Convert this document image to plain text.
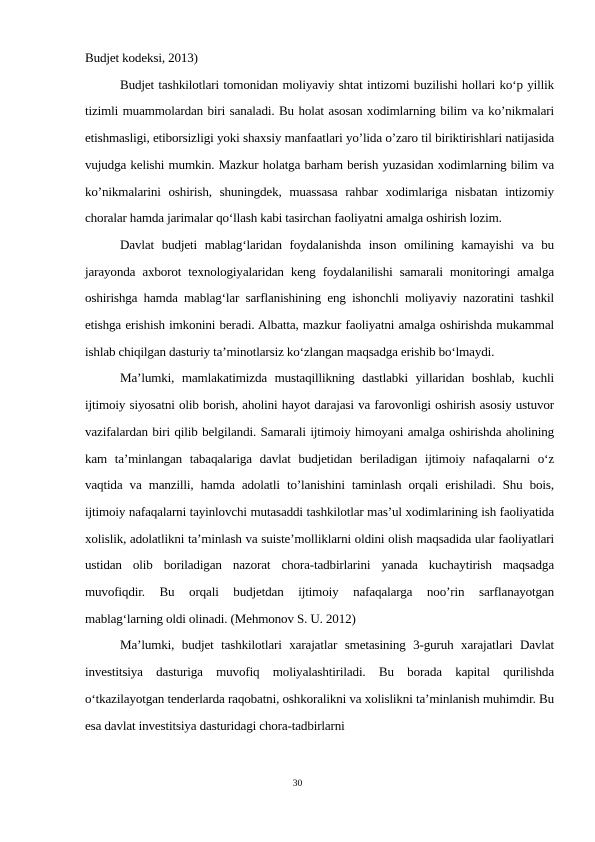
Budjet kodeksi, 2013)

Budjet tashkilotlari tomonidan moliyaviy shtat intizomi buzilishi hollari ko‘p yillik tizimli muammolardan biri sanaladi. Bu holat asosan xodimlarning bilim va ko’nikmalari etishmasligi, etiborsizligi yoki shaxsiy manfaatlari yo’lida o’zaro til biriktirishlari natijasida vujudga kelishi mumkin. Mazkur holatga barham berish yuzasidan xodimlarning bilim va ko’nikmalarini oshirish, shuningdek, muassasa rahbar xodimlariga nisbatan intizomiy choralar hamda jarimalar qo‘llash kabi tasirchan faoliyatni amalga oshirish lozim.

Davlat budjeti mablag‘laridan foydalanishda inson omilining kamayishi va bu jarayonda axborot texnologiyalaridan keng foydalanilishi samarali monitoringi amalga oshirishga hamda mablag‘lar sarflanishining eng ishonchli moliyaviy nazoratini tashkil etishga erishish imkonini beradi. Albatta, mazkur faoliyatni amalga oshirishda mukammal ishlab chiqilgan dasturiy ta’minotlarsiz ko‘zlangan maqsadga erishib bo‘lmaydi.

Ma’lumki, mamlakatimizda mustaqillikning dastlabki yillaridan boshlab, kuchli ijtimoiy siyosatni olib borish, aholini hayot darajasi va farovonligi oshirish asosiy ustuvor vazifalardan biri qilib belgilandi. Samarali ijtimoiy himoyani amalga oshirishda aholining kam ta’minlangan tabaqalariga davlat budjetidan beriladigan ijtimoiy nafaqalarni o‘z vaqtida va manzilli, hamda adolatli to’lanishini taminlash orqali erishiladi. Shu bois, ijtimoiy nafaqalarni tayinlovchi mutasaddi tashkilotlar mas’ul xodimlarining ish faoliyatida xolislik, adolatlikni ta’minlash va suiste’molliklarni oldini olish maqsadida ular faoliyatlari ustidan olib boriladigan nazorat chora-tadbirlarini yanada kuchaytirish maqsadga muvofiqdir. Bu orqali budjetdan ijtimoiy nafaqalarga noo’rin sarflanayotgan mablag‘larning oldi olinadi. (Mehmonov S. U. 2012)

Ma’lumki, budjet tashkilotlari xarajatlar smetasining 3-guruh xarajatlari Davlat investitsiya dasturiga muvofiq moliyalashtiriladi. Bu borada kapital qurilishda o‘tkazilayotgan tenderlarda raqobatni, oshkoralikni va xolislikni ta’minlanish muhimdir. Bu esa davlat investitsiya dasturidagi chora-tadbirlarni

30
